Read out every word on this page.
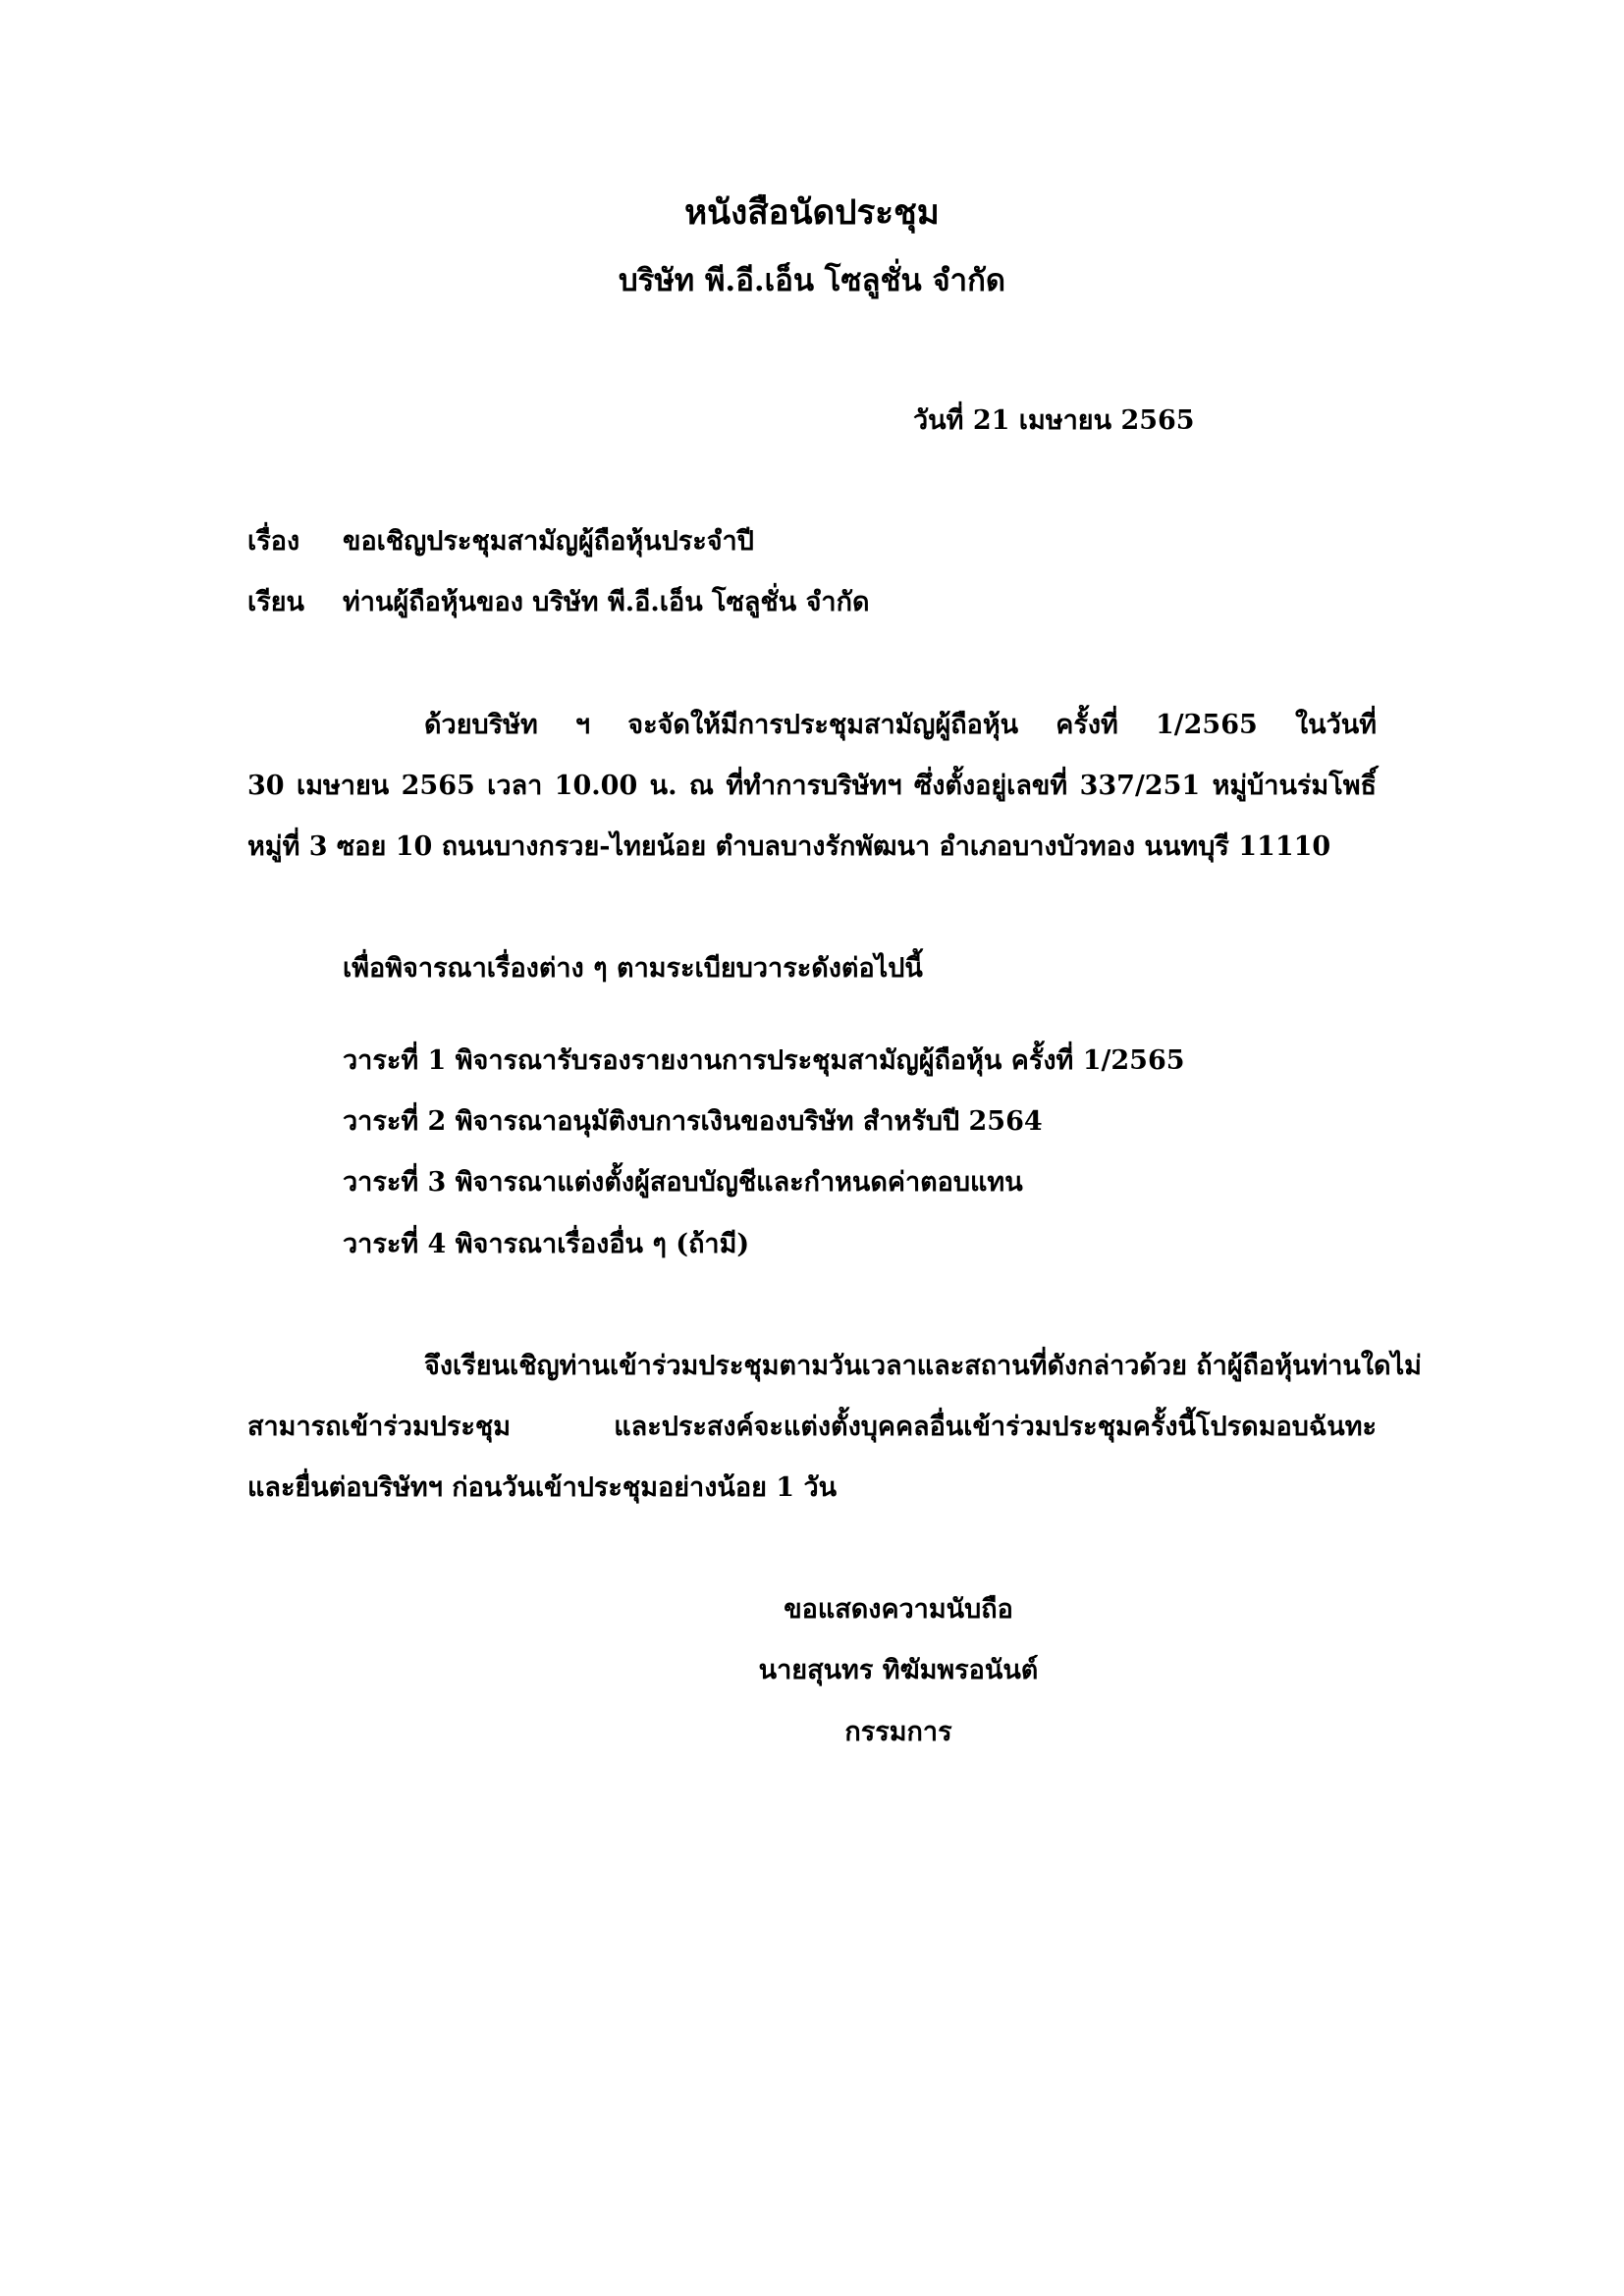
หนังสือนัดประชุม
บริษัท พี.อี.เอ็น โซลูชั่น จำกัด
วันที่ 21 เมษายน 2565
เรื่อง ขอเชิญประชุมสามัญผู้ถือหุ้นประจำปี
เรียน ท่านผู้ถือหุ้นของ บริษัท พี.อี.เอ็น โซลูชั่น จำกัด
ด้วยบริษัท ฯ จะจัดให้มีการประชุมสามัญผู้ถือหุ้น ครั้งที่ 1/2565 ในวันที่
30 เมษายน 2565 เวลา 10.00 น. ณ ที่ทำการบริษัทฯ ซึ่งตั้งอยู่เลขที่ 337/251 หมู่บ้านร่มโพธิ์
หมู่ที่ 3 ซอย 10 ถนนบางกรวย-ไทยน้อย ตำบลบางรักพัฒนา อำเภอบางบัวทอง นนทบุรี 11110
เพื่อพิจารณาเรื่องต่าง ๆ ตามระเบียบวาระดังต่อไปนี้
วาระที่ 1 พิจารณารับรองรายงานการประชุมสามัญผู้ถือหุ้น ครั้งที่ 1/2565
วาระที่ 2 พิจารณาอนุมัติงบการเงินของบริษัท สำหรับปี 2564
วาระที่ 3 พิจารณาแต่งตั้งผู้สอบบัญชีและกำหนดค่าตอบแทน
วาระที่ 4 พิจารณาเรื่องอื่น ๆ (ถ้ามี)
จึงเรียนเชิญท่านเข้าร่วมประชุมตามวันเวลาและสถานที่ดังกล่าวด้วย ถ้าผู้ถือหุ้นท่านใดไม่
สามารถเข้าร่วมประชุม และประสงค์จะแต่งตั้งบุคคลอื่นเข้าร่วมประชุมครั้งนี้โปรดมอบฉันทะ
และยื่นต่อบริษัทฯ ก่อนวันเข้าประชุมอย่างน้อย 1 วัน
ขอแสดงความนับถือ
นายสุนทร ทิฆัมพรอนันต์
กรรมการ
